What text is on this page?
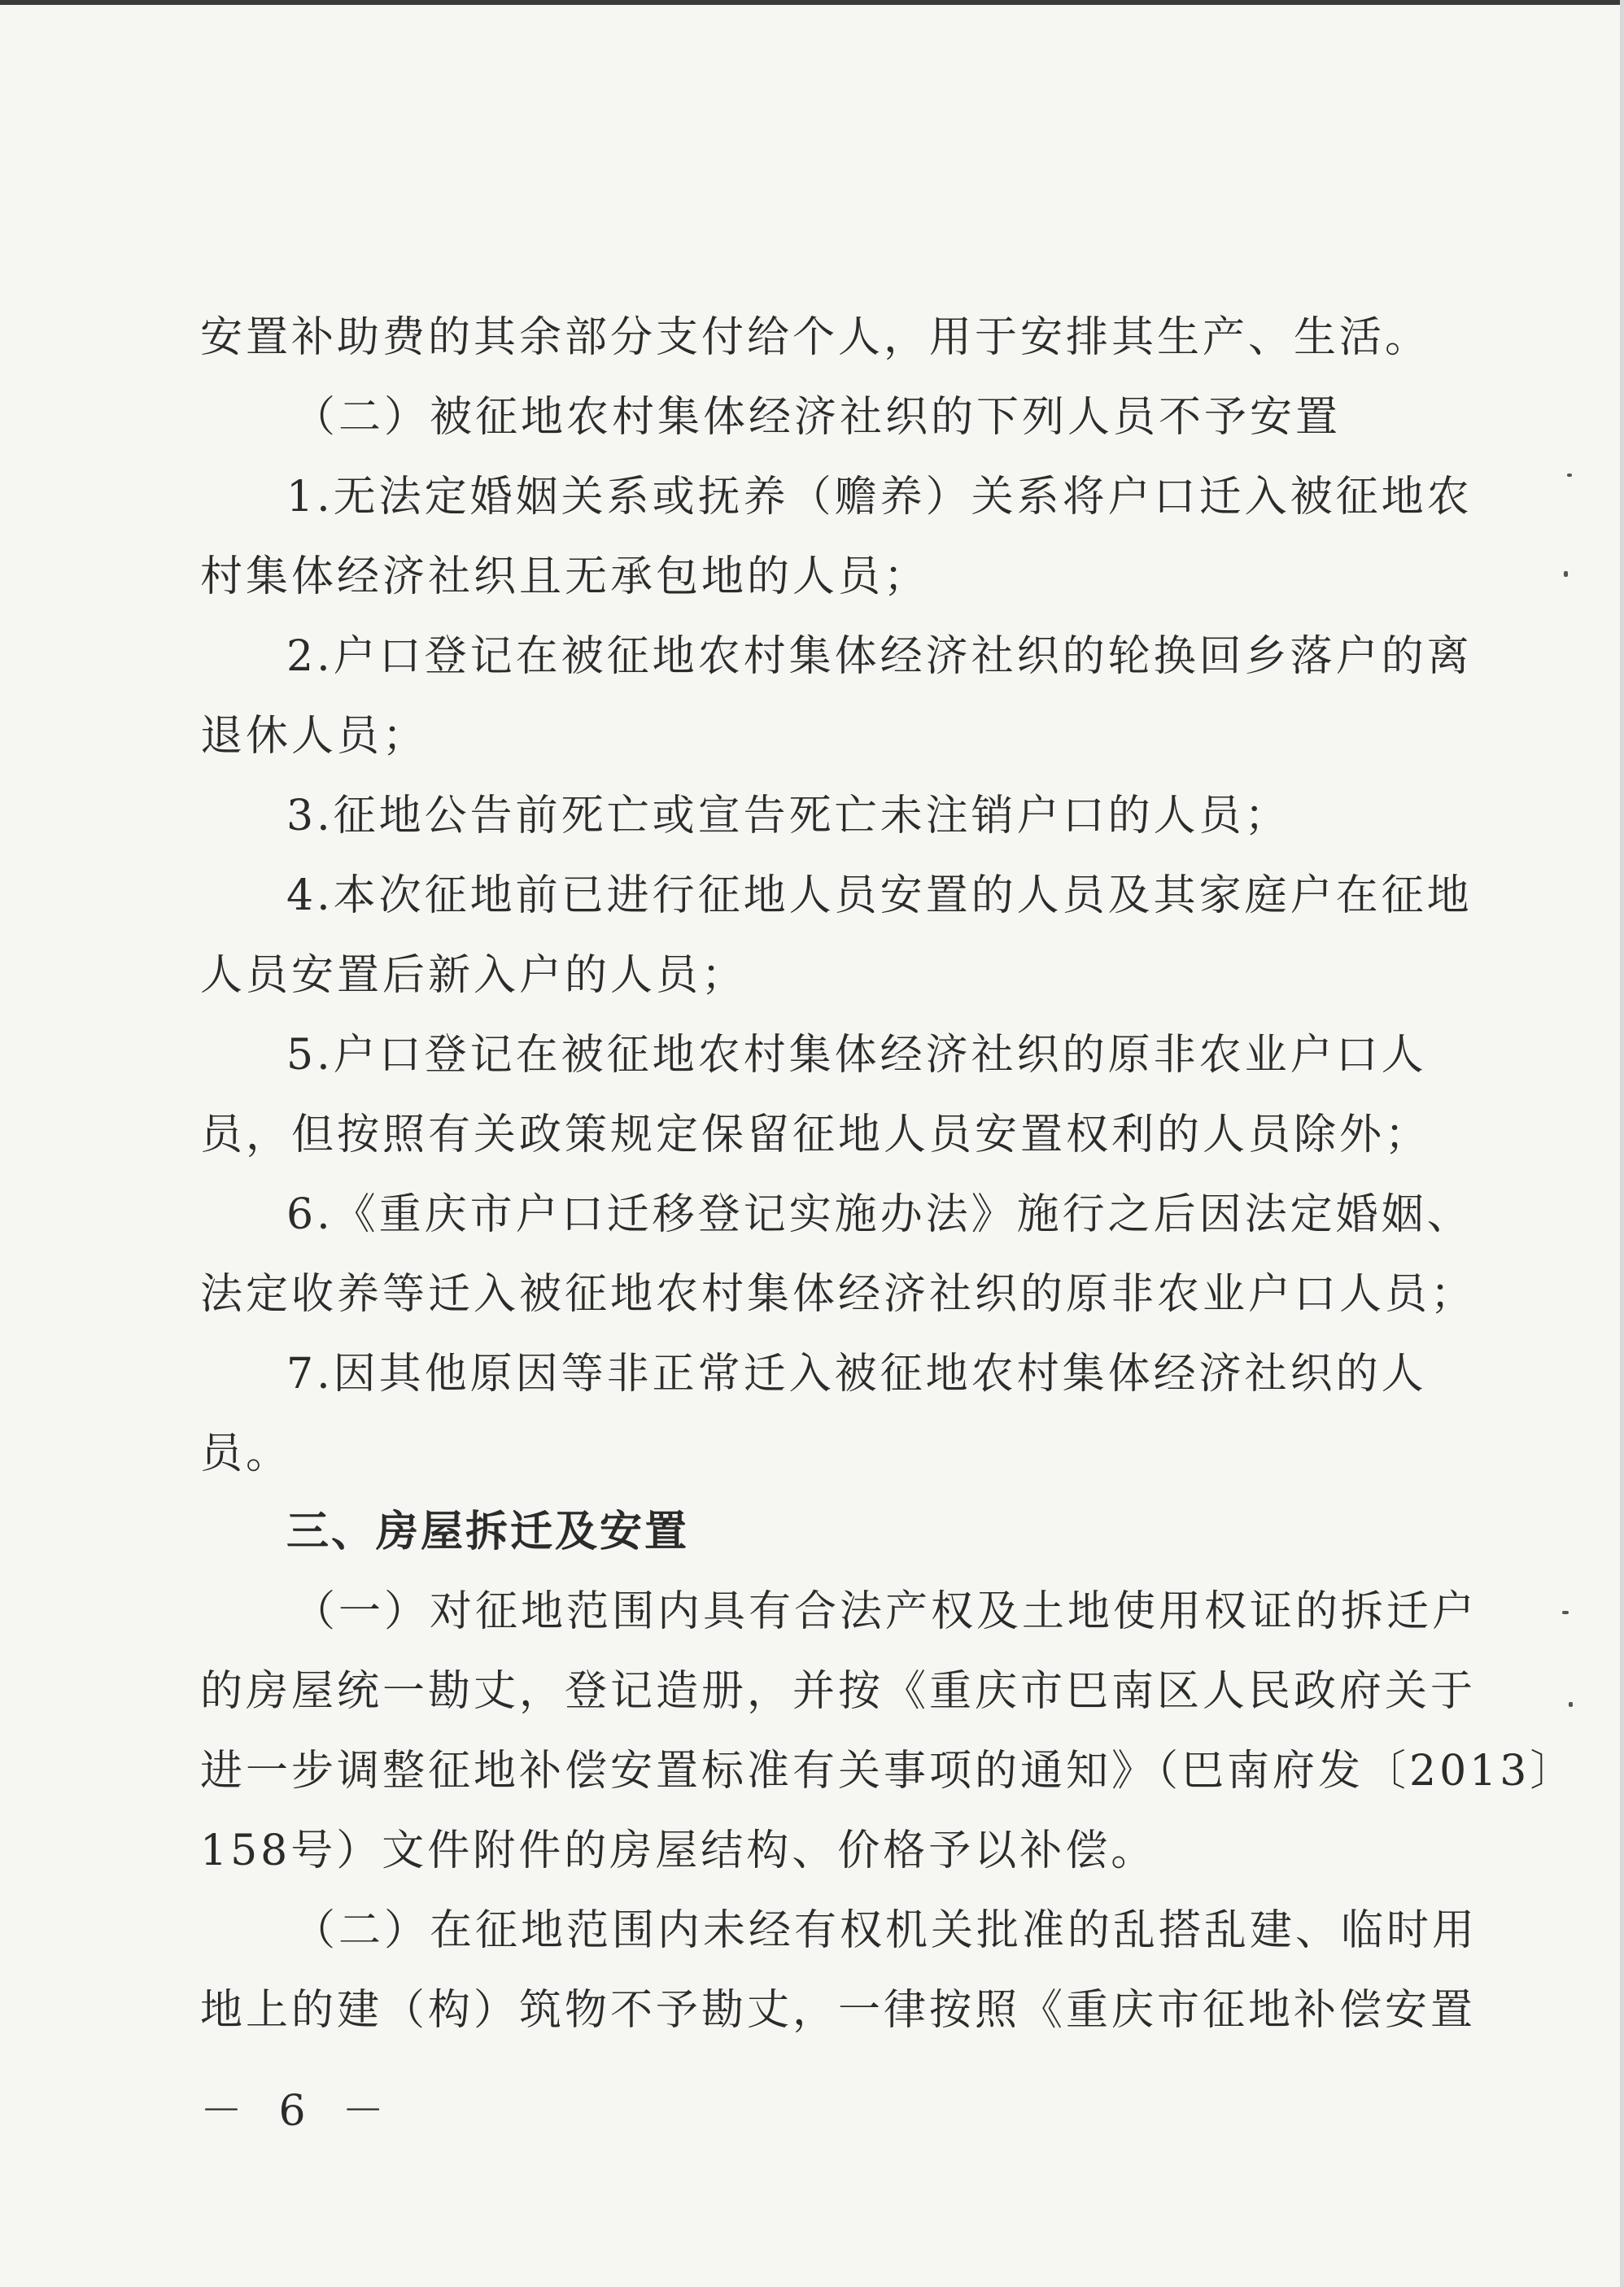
安置补助费的其余部分支付给个人，用于安排其生产、生活。
（二）被征地农村集体经济社织的下列人员不予安置
1.无法定婚姻关系或抚养（赡养）关系将户口迁入被征地农
村集体经济社织且无承包地的人员；
2.户口登记在被征地农村集体经济社织的轮换回乡落户的离
退休人员；
3.征地公告前死亡或宣告死亡未注销户口的人员；
4.本次征地前已进行征地人员安置的人员及其家庭户在征地
人员安置后新入户的人员；
5.户口登记在被征地农村集体经济社织的原非农业户口人
员，但按照有关政策规定保留征地人员安置权利的人员除外；
6.《重庆市户口迁移登记实施办法》施行之后因法定婚姻、
法定收养等迁入被征地农村集体经济社织的原非农业户口人员；
7.因其他原因等非正常迁入被征地农村集体经济社织的人
员。
三、房屋拆迁及安置
（一）对征地范围内具有合法产权及土地使用权证的拆迁户
的房屋统一勘丈，登记造册，并按《重庆市巴南区人民政府关于
进一步调整征地补偿安置标准有关事项的通知》（巴南府发〔2013〕
158号）文件附件的房屋结构、价格予以补偿。
（二）在征地范围内未经有权机关批准的乱搭乱建、临时用
地上的建（构）筑物不予勘丈，一律按照《重庆市征地补偿安置
－ 6 －
